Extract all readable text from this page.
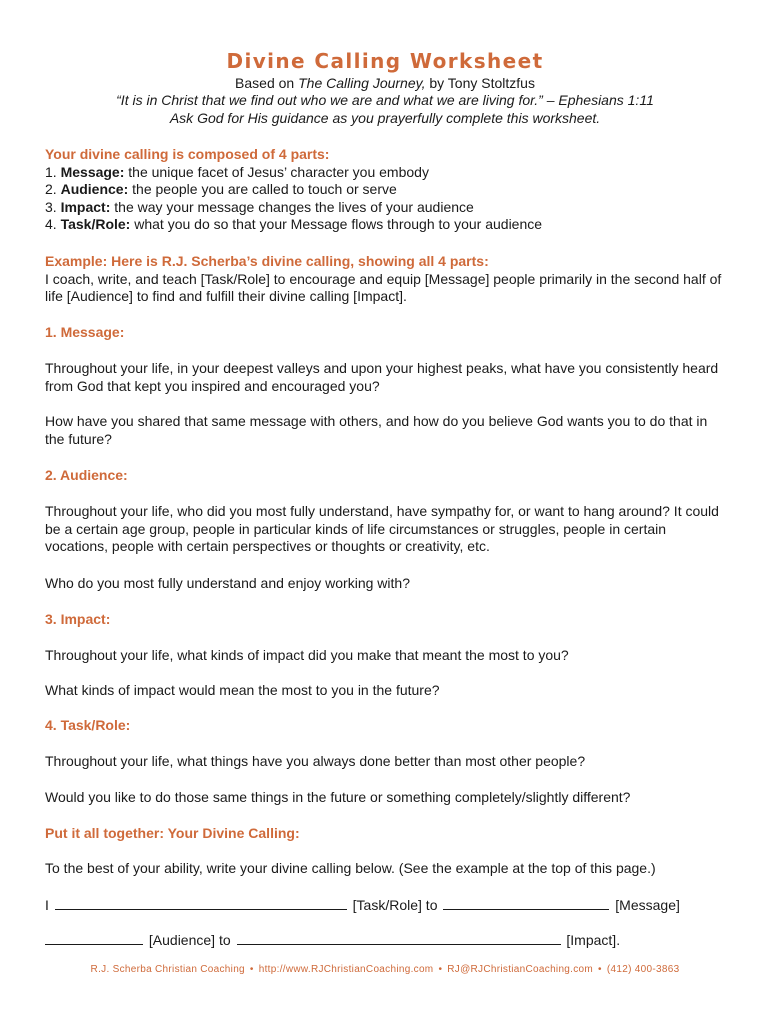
Divine Calling Worksheet
Based on The Calling Journey, by Tony Stoltzfus
“It is in Christ that we find out who we are and what we are living for.” – Ephesians 1:11
Ask God for His guidance as you prayerfully complete this worksheet.
Your divine calling is composed of 4 parts:
1. Message: the unique facet of Jesus’ character you embody
2. Audience: the people you are called to touch or serve
3. Impact: the way your message changes the lives of your audience
4. Task/Role: what you do so that your Message flows through to your audience
Example: Here is R.J. Scherba’s divine calling, showing all 4 parts:
I coach, write, and teach [Task/Role] to encourage and equip [Message] people primarily in the second half of life [Audience] to find and fulfill their divine calling [Impact].
1. Message:
Throughout your life, in your deepest valleys and upon your highest peaks, what have you consistently heard from God that kept you inspired and encouraged you?
How have you shared that same message with others, and how do you believe God wants you to do that in the future?
2. Audience:
Throughout your life, who did you most fully understand, have sympathy for, or want to hang around? It could be a certain age group, people in particular kinds of life circumstances or struggles, people in certain vocations, people with certain perspectives or thoughts or creativity, etc.
Who do you most fully understand and enjoy working with?
3. Impact:
Throughout your life, what kinds of impact did you make that meant the most to you?
What kinds of impact would mean the most to you in the future?
4. Task/Role:
Throughout your life, what things have you always done better than most other people?
Would you like to do those same things in the future or something completely/slightly different?
Put it all together: Your Divine Calling:
To the best of your ability, write your divine calling below. (See the example at the top of this page.)
I	[Task/Role] to	[Message]
[Audience] to	[Impact].
R.J. Scherba Christian Coaching • http://www.RJChristianCoaching.com • RJ@RJChristianCoaching.com • (412) 400-3863
